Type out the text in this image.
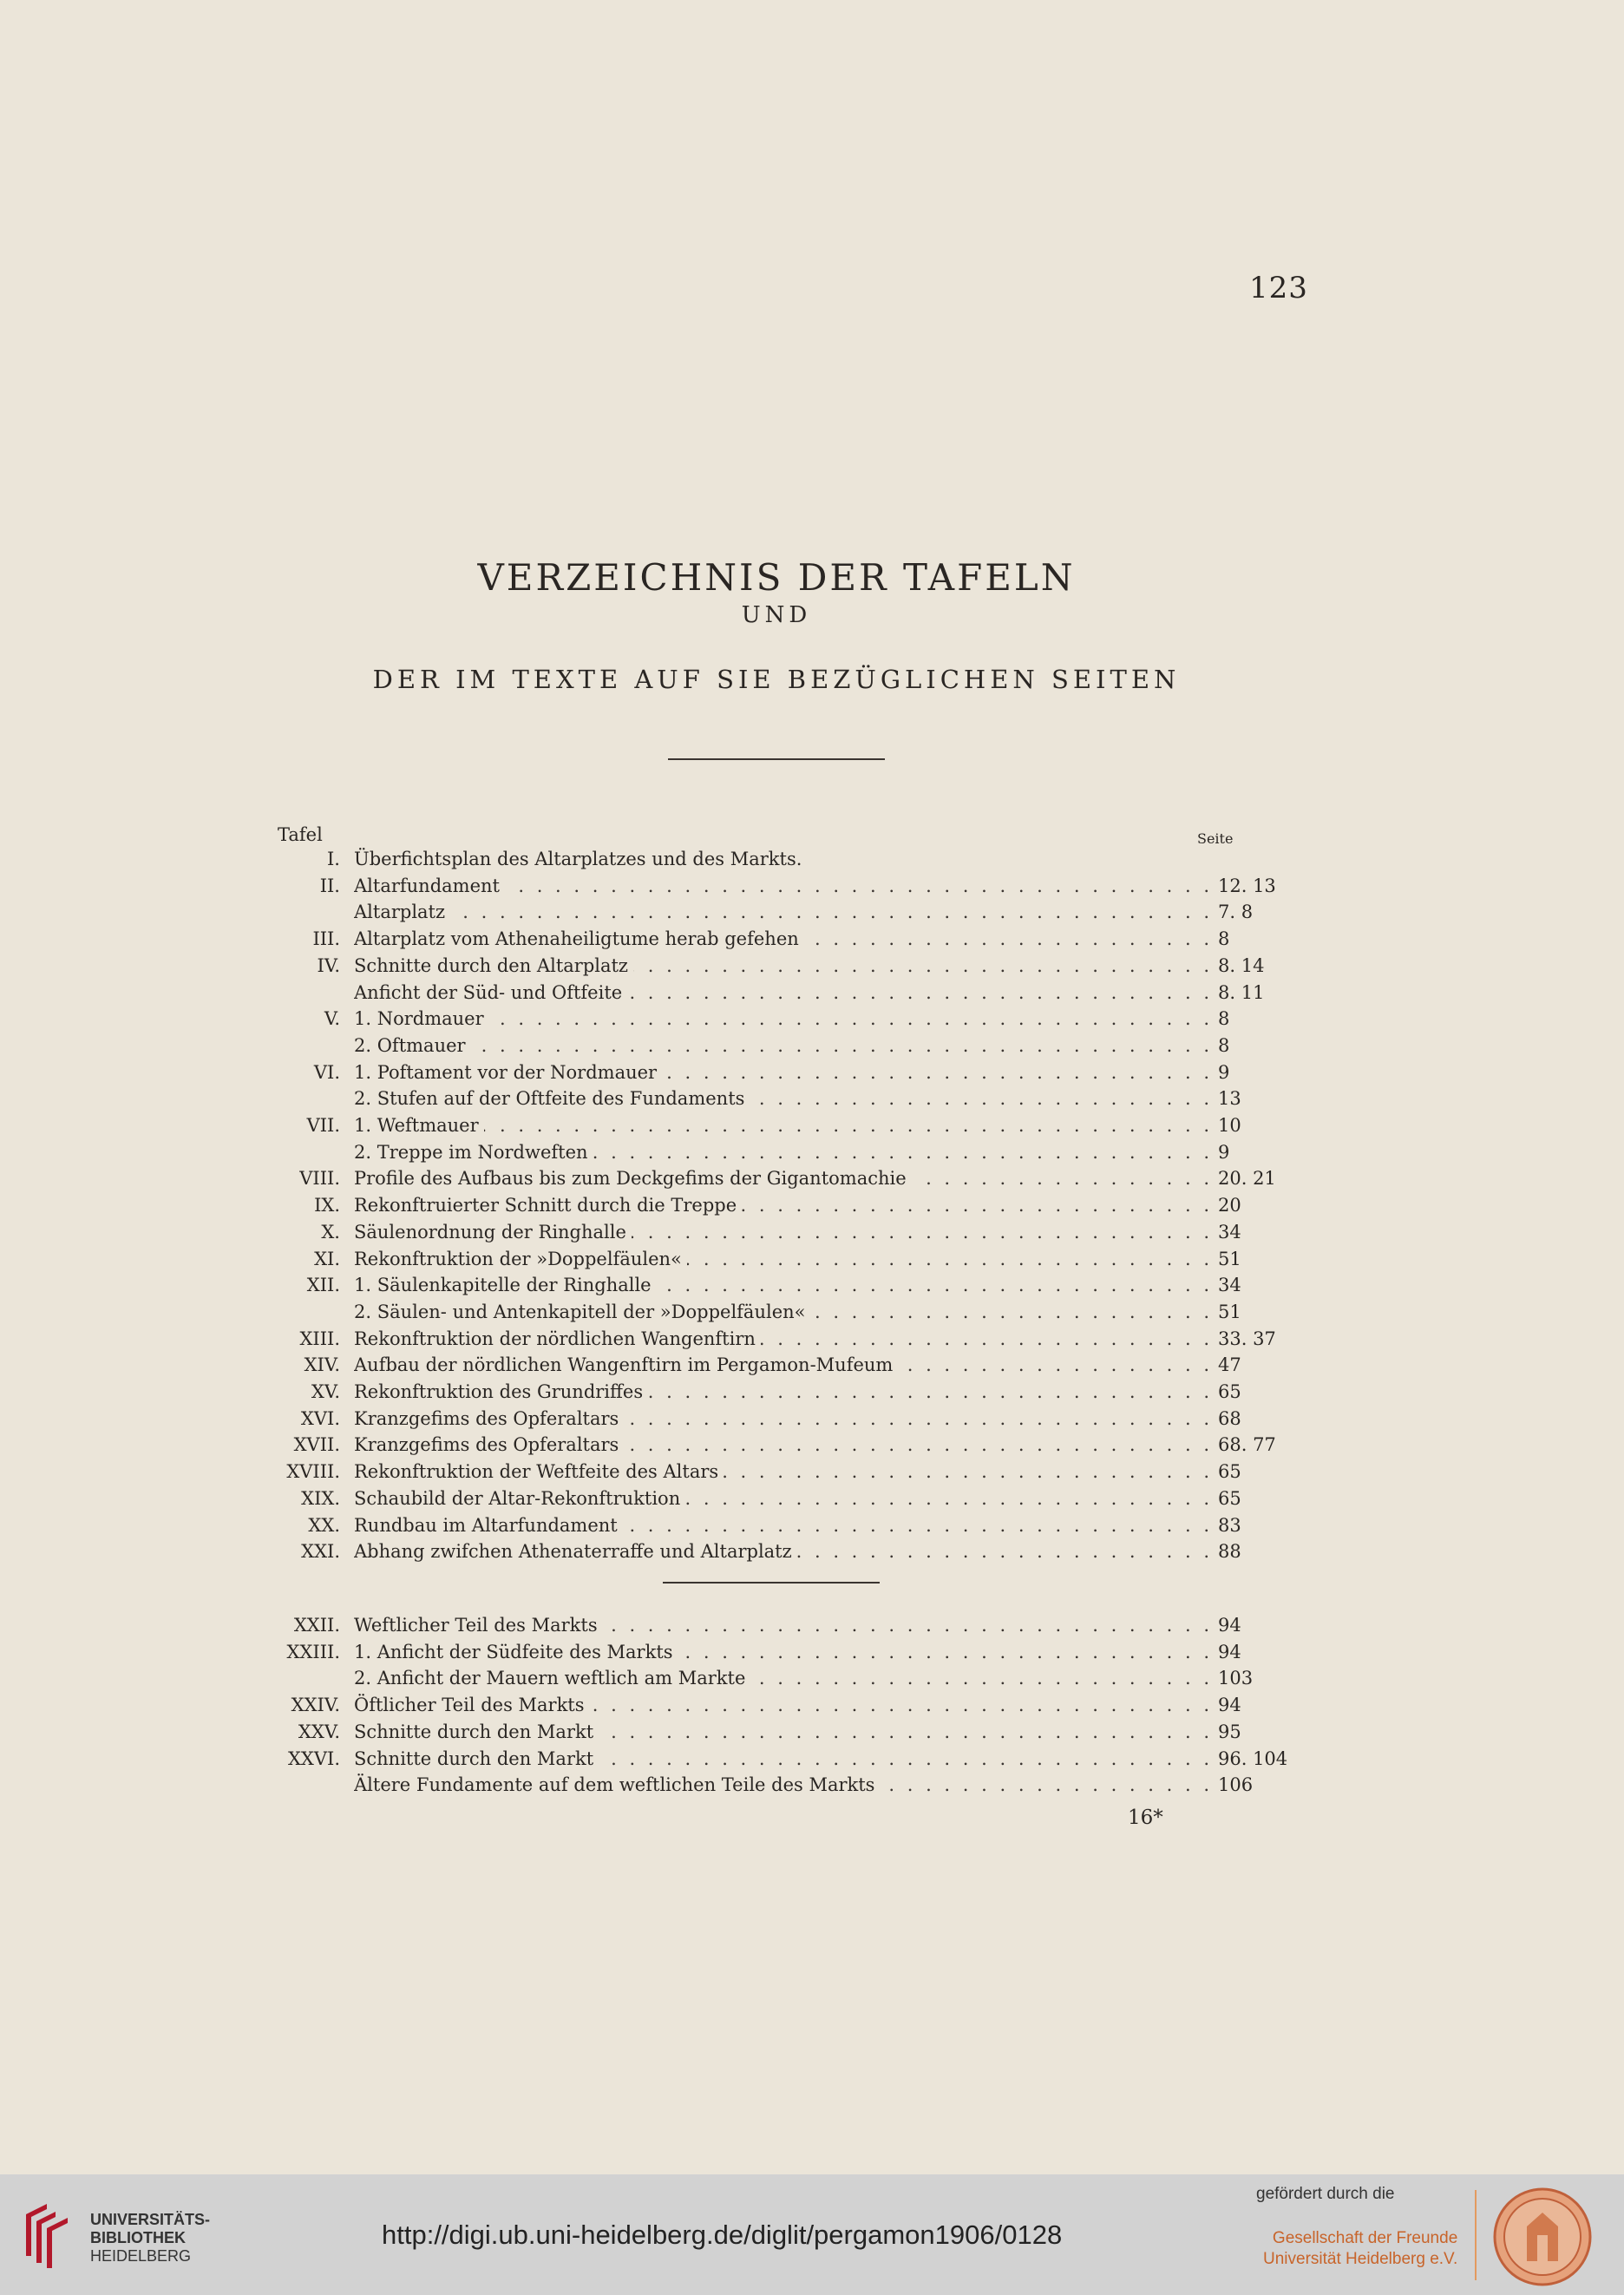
123
VERZEICHNIS DER TAFELN
UND
DER IM TEXTE AUF SIE BEZÜGLICHEN SEITEN
Tafel	Seite
I. Überfichtsplan des Altarplatzes und des Markts.
II. Altarfundament . . .	12. 13
Altarplatz . . .	7. 8
III. Altarplatz vom Athenaheiligtume herab gefehen . . .	8
IV. Schnitte durch den Altarplatz . . .	8. 14
Anficht der Süd- und Oftfeite . . .	8. 11
V. 1. Nordmauer . . .	8
2. Oftmauer . . .	8
VI. 1. Poftament vor der Nordmauer . . .	9
2. Stufen auf der Oftfeite des Fundaments . . .	13
VII. 1. Weftmauer . . .	10
2. Treppe im Nordweften . . .	9
VIII. Profile des Aufbaus bis zum Deckgefims der Gigantomachie . . .	20. 21
IX. Rekonftruierter Schnitt durch die Treppe . . .	20
X. Säulenordnung der Ringhalle . . .	34
XI. Rekonftruktion der »Doppelfäulen« . . .	51
XII. 1. Säulenkapitelle der Ringhalle . . .	34
2. Säulen- und Antenkapitell der »Doppelfäulen« . . .	51
XIII. Rekonftruktion der nördlichen Wangenftirn . . .	33. 37
XIV. Aufbau der nördlichen Wangenftirn im Pergamon-Mufeum . . .	47
XV. Rekonftruktion des Grundriffes . . .	65
XVI. Kranzgefims des Opferaltars . . .	68
XVII. Kranzgefims des Opferaltars . . .	68. 77
XVIII. Rekonftruktion der Weftfeite des Altars . . .	65
XIX. Schaubild der Altar-Rekonftruktion . . .	65
XX. Rundbau im Altarfundament . . .	83
XXI. Abhang zwifchen Athenaterraffe und Altarplatz . . .	88
XXII. Weftlicher Teil des Markts . . .	94
XXIII. 1. Anficht der Südfeite des Markts . . .	94
2. Anficht der Mauern weftlich am Markte . . .	103
XXIV. Öftlicher Teil des Markts . . .	94
XXV. Schnitte durch den Markt . . .	95
XXVI. Schnitte durch den Markt . . .	96. 104
Ältere Fundamente auf dem weftlichen Teile des Markts . . .	106
16*
UNIVERSITÄTS-
BIBLIOTHEK
HEIDELBERG
http://digi.ub.uni-heidelberg.de/diglit/pergamon1906/0128
gefördert durch die
Gesellschaft der Freunde
Universität Heidelberg e.V.
